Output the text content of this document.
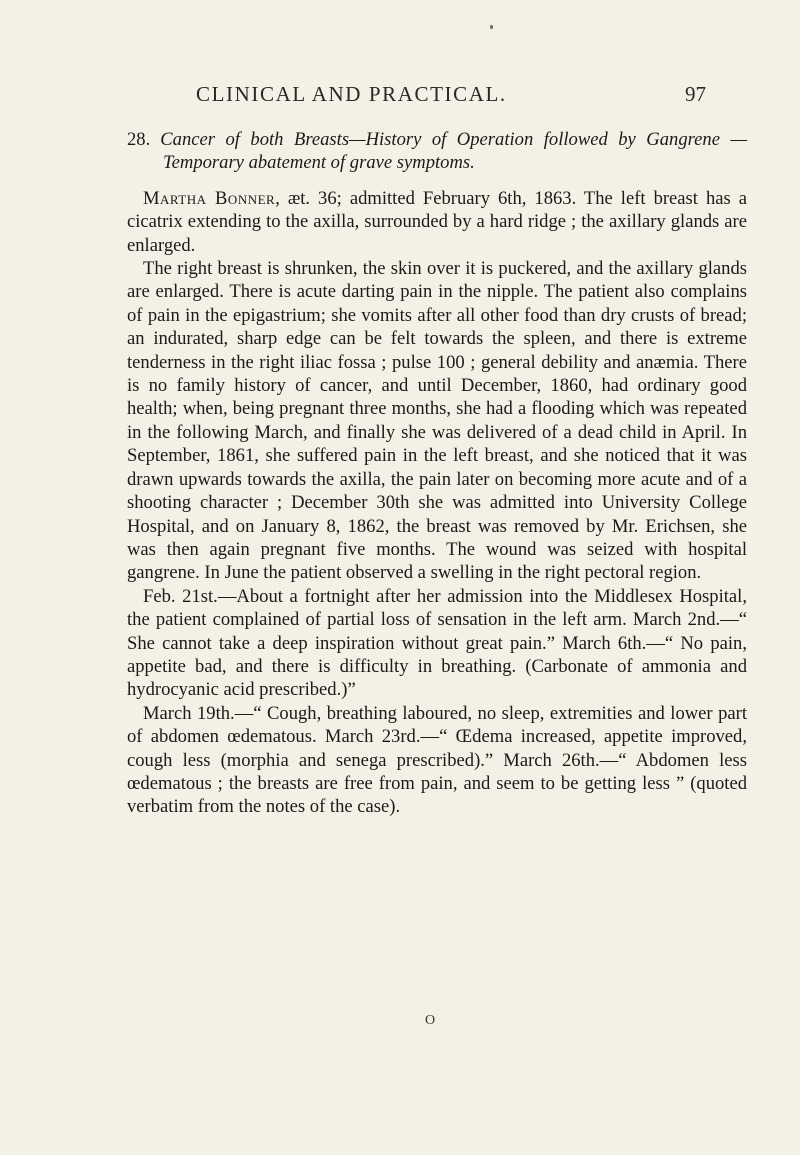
CLINICAL AND PRACTICAL.	97

28. Cancer of both Breasts—History of Operation followed by Gangrene —Temporary abatement of grave symptoms.

Martha Bonner, æt. 36; admitted February 6th, 1863. The left breast has a cicatrix extending to the axilla, surrounded by a hard ridge ; the axillary glands are enlarged.

The right breast is shrunken, the skin over it is puckered, and the axillary glands are enlarged. There is acute darting pain in the nipple. The patient also complains of pain in the epigastrium; she vomits after all other food than dry crusts of bread; an indurated, sharp edge can be felt towards the spleen, and there is extreme tenderness in the right iliac fossa ; pulse 100 ; general debility and anæmia. There is no family history of cancer, and until December, 1860, had ordinary good health; when, being pregnant three months, she had a flooding which was repeated in the following March, and finally she was delivered of a dead child in April. In September, 1861, she suffered pain in the left breast, and she noticed that it was drawn upwards towards the axilla, the pain later on becoming more acute and of a shooting character ; December 30th she was admitted into University College Hospital, and on January 8, 1862, the breast was removed by Mr. Erichsen, she was then again pregnant five months. The wound was seized with hospital gangrene. In June the patient observed a swelling in the right pectoral region.

Feb. 21st.—About a fortnight after her admission into the Middlesex Hospital, the patient complained of partial loss of sensation in the left arm. March 2nd.—“ She cannot take a deep inspiration without great pain.” March 6th.—“ No pain, appetite bad, and there is difficulty in breathing. (Carbonate of ammonia and hydrocyanic acid prescribed.)”

March 19th.—“ Cough, breathing laboured, no sleep, extremities and lower part of abdomen œdematous. March 23rd.—“ Œdema increased, appetite improved, cough less (morphia and senega prescribed).” March 26th.—“ Abdomen less œdematous ; the breasts are free from pain, and seem to be getting less ” (quoted verbatim from the notes of the case).

O
